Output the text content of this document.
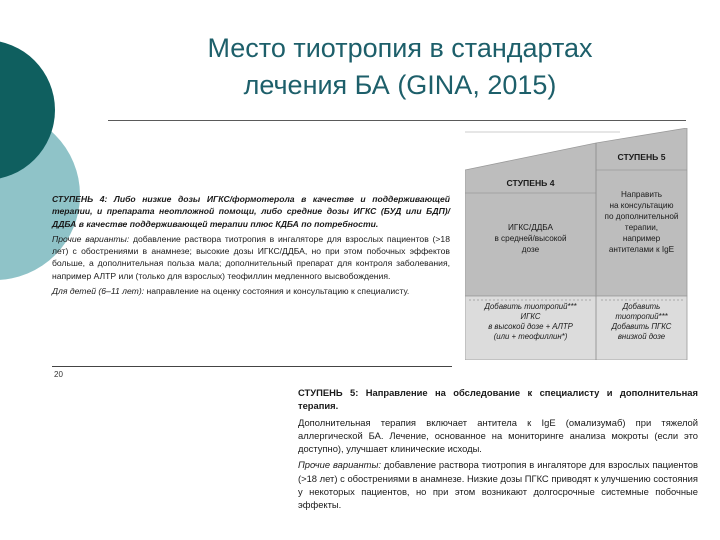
Место тиотропия в стандартах
лечения БА (GINA, 2015)

СТУПЕНЬ 4: Либо низкие дозы ИГКС/формотерола в качестве и поддерживающей терапии, и препарата неотложной помощи, либо средние дозы ИГКС (БУД или БДП)/ДДБА в качестве поддерживающей терапии плюс КДБА по потребности.

Прочие варианты: добавление раствора тиотропия в ингаляторе для взрослых пациентов (>18 лет) с обострениями в анамнезе; высокие дозы ИГКС/ДДБА, но при этом побочных эффектов больше, а дополнительная польза мала; дополнительный препарат для контроля заболевания, например АЛТР или (только для взрослых) теофиллин медленного высвобождения.

Для детей (6–11 лет): направление на оценку состояния и консультацию к специалисту.

20
СТУПЕНЬ 5
СТУПЕНЬ 4
ИГКС/ДДБА
в средней/высокой
дозе
Направить
на консультацию
по дополнительной
терапии,
например
антителами к IgE
Добавить тиотропий***
ИГКС
в высокой дозе + АЛТР
(или + теофиллин*)
Добавить
тиотропий***
Добавить ПГКС
внизкой дозе

СТУПЕНЬ 5: Направление на обследование к специалисту и дополнительная терапия.

Дополнительная терапия включает антитела к IgE (омализумаб) при тяжелой аллергической БА. Лечение, основанное на мониторинге анализа мокроты (если это доступно), улучшает клинические исходы.

Прочие варианты: добавление раствора тиотропия в ингаляторе для взрослых пациентов (>18 лет) с обострениями в анамнезе. Низкие дозы ПГКС приводят к улучшению состояния у некоторых пациентов, но при этом возникают долгосрочные системные побочные эффекты.
